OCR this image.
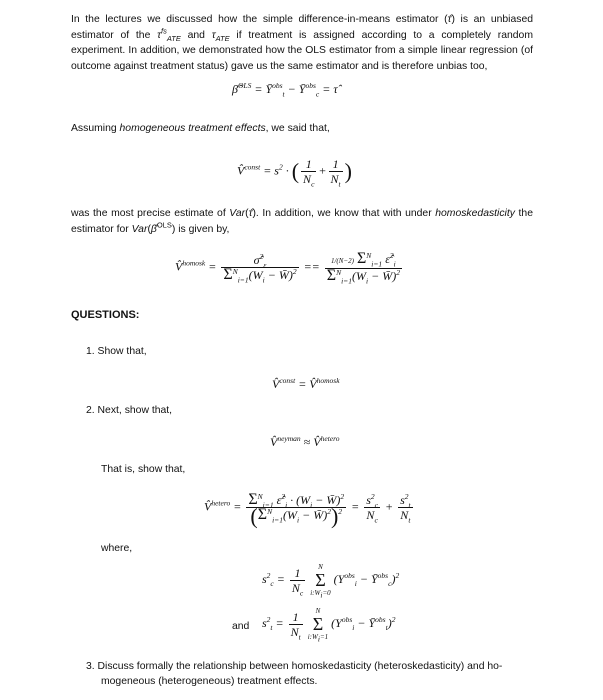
In the lectures we discussed how the simple difference-in-means estimator (τ̂) is an unbiased estimator of the $\tau^{fs}_{ATE}$ and $\tau_{ATE}$ if treatment is assigned according to a completely random experiment. In addition, we demonstrated how the OLS estimator from a simple linear regression (of outcome against treatment status) gave us the same estimator and is therefore unbias too,
β̂$^{OLS}$ = $Ȳ^{obs}_t$ − $Ȳ^{obs}_c$ = τ̂
Assuming homogeneous treatment effects, we said that,
V̂$^{const}$ = $s^2$ · ( $\frac{1}{N_c} + \frac{1}{N_t}$ )
was the most precise estimate of Var(τ̂). In addition, we know that with under homoskedasticity the estimator for Var(β̂$^{OLS}$) is given by,
V̂$^{homosk}$ = $\frac{\sigmâ^2_\varepsilon}{\Sigma^N_{i=1}(W_i - W̄)^2} == \frac{1/(N-2) \Sigma^N_{i=1} \varepsilon̂^2_i}{\Sigma^N_{i=1}(W_i - W̄)^2}$
QUESTIONS:
1. Show that,
V̂$^{const}$ = V̂$^{homosk}$
2. Next, show that,
V̂$^{neyman}$ ≈ V̂$^{hetero}$
That is, show that,
V̂$^{hetero}$ = $\frac{\Sigma^N_{i=1} \varepsilon̂^2_i \cdot (W_i - W̄)^2}{(\Sigma^N_{i=1}(W_i - W̄)^2)^2} = \frac{s^2_c}{N_c} + \frac{s^2_t}{N_t}$
where,
$s^2_c = \frac{1}{N_c}$
	N
Σ
$i:W_i=0$
($Y^{obs}_i$ − $Ȳ^{obs}_c)^2$
and $s^2_t = \frac{1}{N_t}$
	N
Σ
$i:W_i=1$
($Y^{obs}_i$ − $Ȳ^{obs}_t)^2$
3. Discuss formally the relationship between homoskedasticity (heteroskedasticity) and ho-
mogeneous (heterogeneous) treatment effects.
